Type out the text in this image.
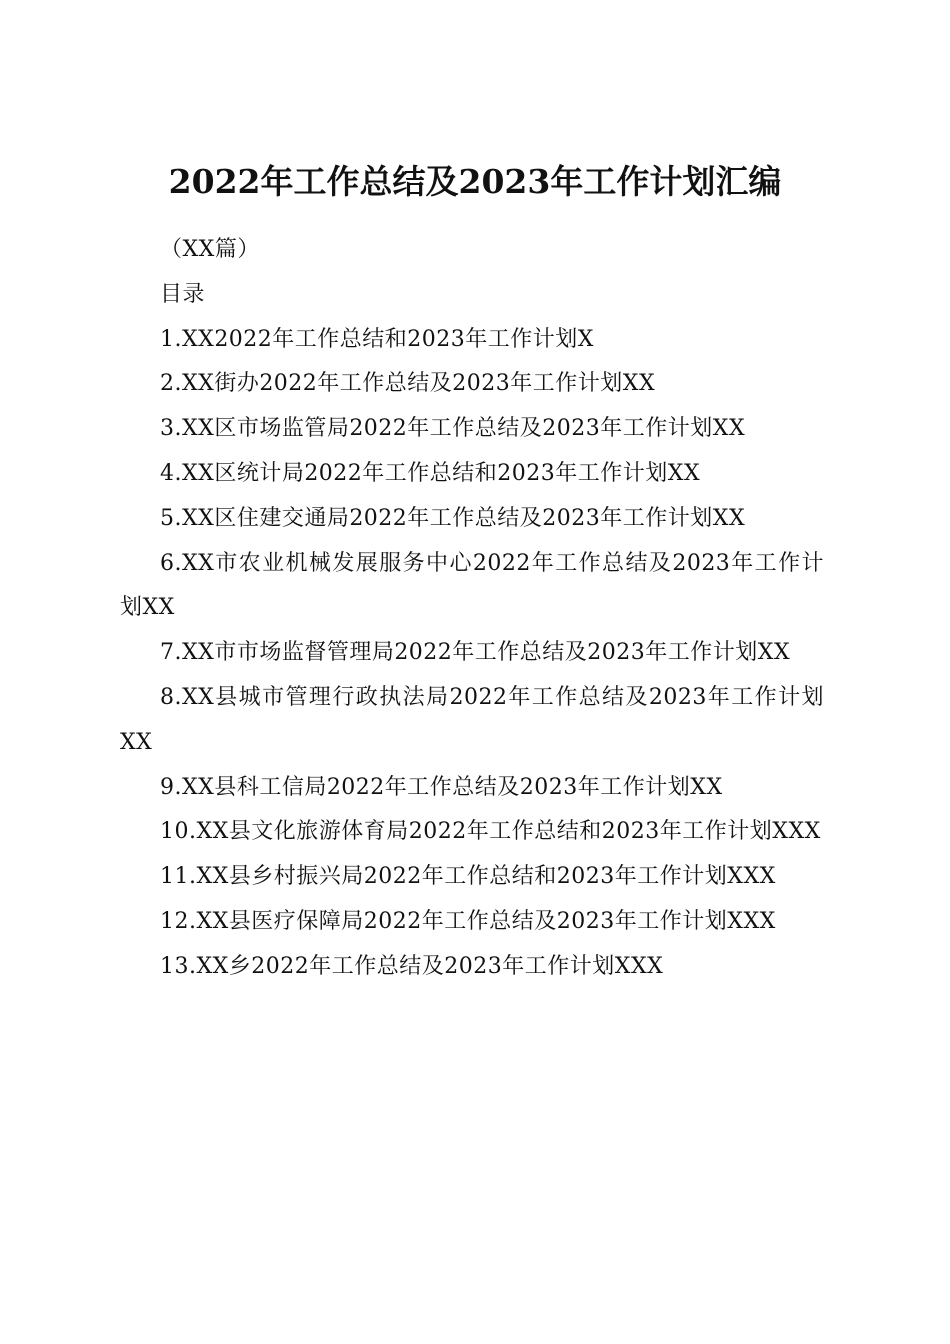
2022年工作总结及2023年工作计划汇编

（XX篇）

目录

1.XX2022年工作总结和2023年工作计划X

2.XX街办2022年工作总结及2023年工作计划XX

3.XX区市场监管局2022年工作总结及2023年工作计划XX

4.XX区统计局2022年工作总结和2023年工作计划XX

5.XX区住建交通局2022年工作总结及2023年工作计划XX

6.XX市农业机械发展服务中心2022年工作总结及2023年工作计划XX

7.XX市市场监督管理局2022年工作总结及2023年工作计划XX

8.XX县城市管理行政执法局2022年工作总结及2023年工作计划XX

9.XX县科工信局2022年工作总结及2023年工作计划XX

10.XX县文化旅游体育局2022年工作总结和2023年工作计划XXX

11.XX县乡村振兴局2022年工作总结和2023年工作计划XXX

12.XX县医疗保障局2022年工作总结及2023年工作计划XXX

13.XX乡2022年工作总结及2023年工作计划XXX
